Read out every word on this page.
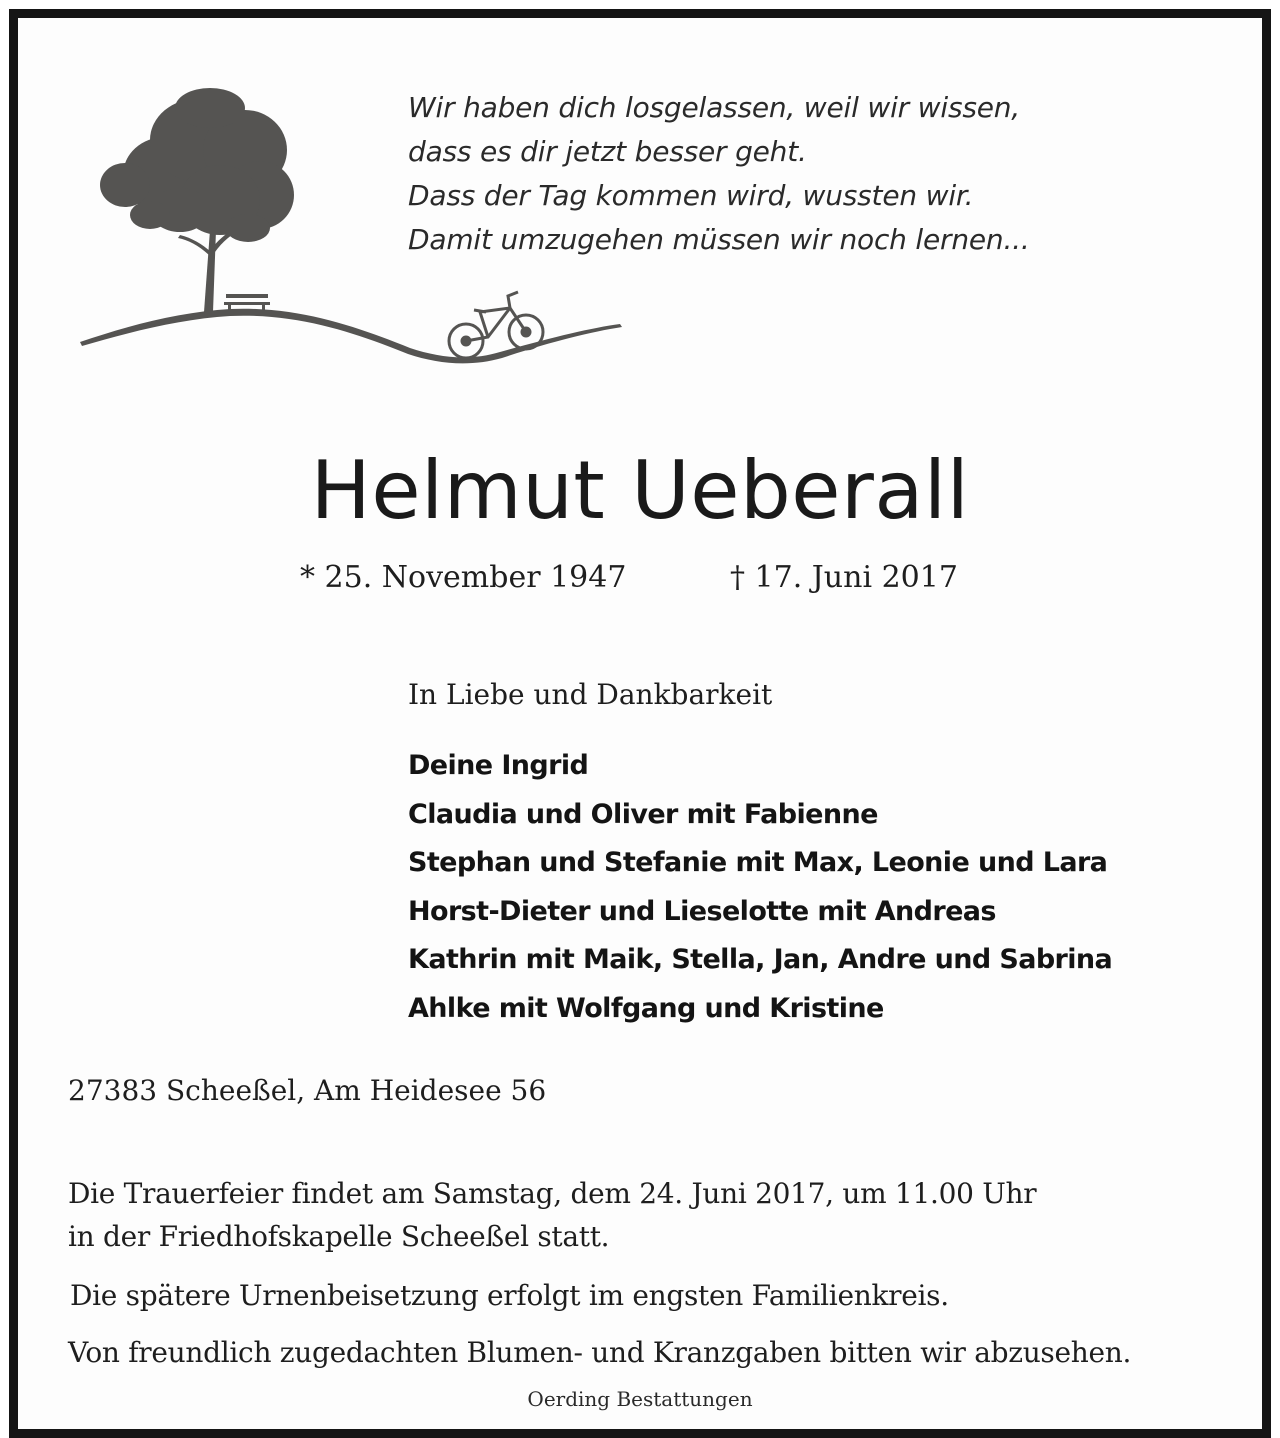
Wir haben dich losgelassen, weil wir wissen,
dass es dir jetzt besser geht.
Dass der Tag kommen wird, wussten wir.
Damit umzugehen müssen wir noch lernen...
Helmut Ueberall
* 25. November 1947	† 17. Juni 2017
In Liebe und Dankbarkeit
Deine Ingrid
Claudia und Oliver mit Fabienne
Stephan und Stefanie mit Max, Leonie und Lara
Horst-Dieter und Lieselotte mit Andreas
Kathrin mit Maik, Stella, Jan, Andre und Sabrina
Ahlke mit Wolfgang und Kristine
27383 Scheeßel, Am Heidesee 56
Die Trauerfeier findet am Samstag, dem 24. Juni 2017, um 11.00 Uhr
in der Friedhofskapelle Scheeßel statt.
Die spätere Urnenbeisetzung erfolgt im engsten Familienkreis.
Von freundlich zugedachten Blumen- und Kranzgaben bitten wir abzusehen.
Oerding Bestattungen
